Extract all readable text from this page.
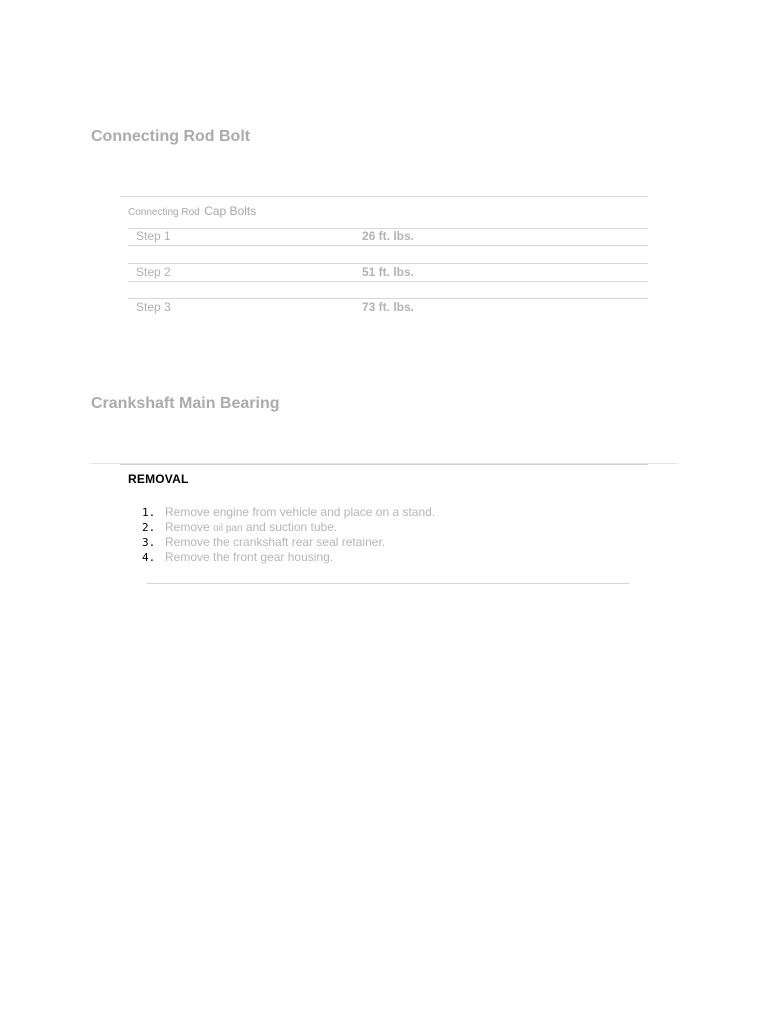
Connecting Rod Bolt
Connecting Rod Cap Bolts
Step 1	26 ft. lbs.
Step 2	51 ft. lbs.
Step 3	73 ft. lbs.
Crankshaft Main Bearing
REMOVAL
1. Remove engine from vehicle and place on a stand.
2. Remove oil pan and suction tube.
3. Remove the crankshaft rear seal retainer.
4. Remove the front gear housing.
